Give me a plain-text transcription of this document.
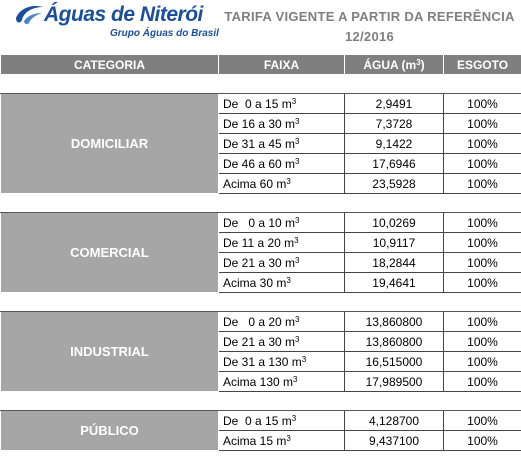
Águas de Niterói
Grupo Águas do Brasil
TARIFA VIGENTE A PARTIR DA REFERÊNCIA
12/2016
CATEGORIA	FAIXA	ÁGUA $(m^3)$	ESGOTO

DOMICILIAR	De  0 a 15 $m^3$	2,9491	100%
	De 16 a 30 $m^3$	7,3728	100%
	De 31 a 45 $m^3$	9,1422	100%
	De 46 a 60 $m^3$	17,6946	100%
	Acima 60 $m^3$	23,5928	100%

COMERCIAL	De   0 a 10 $m^3$	10,0269	100%
	De 11 a 20 $m^3$	10,9117	100%
	De 21 a 30 $m^3$	18,2844	100%
	Acima 30 $m^3$	19,4641	100%

INDUSTRIAL	De   0 a 20 $m^3$	13,860800	100%
	De 21 a 30 $m^3$	13,860800	100%
	De 31 a 130 $m^3$	16,515000	100%
	Acima 130 $m^3$	17,989500	100%

PÚBLICO	De  0 a 15 $m^3$	4,128700	100%
	Acima 15 $m^3$	9,437100	100%
